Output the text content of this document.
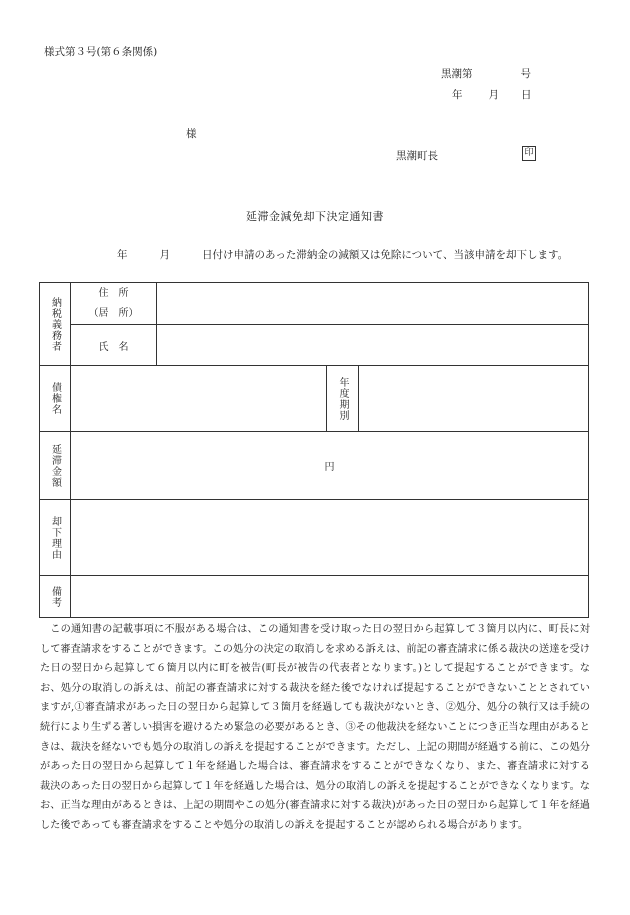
様式第３号(第６条関係)
黒潮第	号
年 月 日
様
黒潮町長	印
延滞金減免却下決定通知書
年	月	日付け申請のあった滞納金の減額又は免除について、当該申請を却下します。
納税義務者	住　所
（居　所）			

	氏　名			

債権名			年度期別	

延滞金額	円			

却下理由				

備考				

この通知書の記載事項に不服がある場合は、この通知書を受け取った日の翌日から起算して３箇月以内に、町長に対して審査請求をすることができます。この処分の決定の取消しを求める訴えは、前記の審査請求に係る裁決の送達を受けた日の翌日から起算して６箇月以内に町を被告(町長が被告の代表者となります。)として提起することができます。なお、処分の取消しの訴えは、前記の審査請求に対する裁決を経た後でなければ提起することができないこととされていますが,①審査請求があった日の翌日から起算して３箇月を経過しても裁決がないとき、②処分、処分の執行又は手続の続行により生ずる著しい損害を避けるため緊急の必要があるとき、③その他裁決を経ないことにつき正当な理由があるときは、裁決を経ないでも処分の取消しの訴えを提起することができます。ただし、上記の期間が経過する前に、この処分があった日の翌日から起算して１年を経過した場合は、審査請求をすることができなくなり、また、審査請求に対する裁決のあった日の翌日から起算して１年を経過した場合は、処分の取消しの訴えを提起することができなくなります。なお、正当な理由があるときは、上記の期間やこの処分(審査請求に対する裁決)があった日の翌日から起算して１年を経過した後であっても審査請求をすることや処分の取消しの訴えを提起することが認められる場合があります。
